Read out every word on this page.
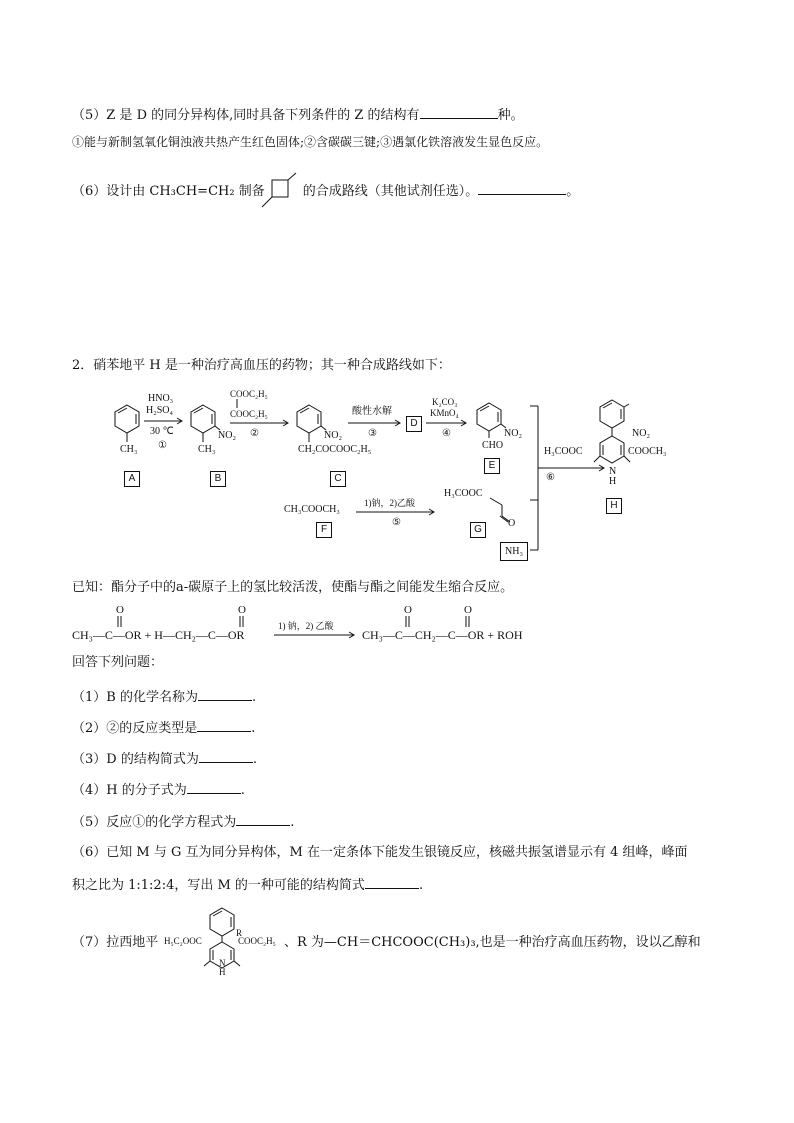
（5）Z 是 D 的同分异构体,同时具备下列条件的 Z 的结构有	种。
①能与新制氢氧化铜浊液共热产生红色固体;②含碳碳三键;③遇氯化铁溶液发生显色反应。
（6）设计由 CH₃CH=CH₂ 制备	的合成路线（其他试剂任选）。	。
2．硝苯地平 H 是一种治疗高血压的药物；其一种合成路线如下：
CH₃
A
HNO₃
H₂SO₄
30 ℃
①
NO₂
CH₃
B
COOC₂H₅
COOC₂H₅
②	NO₂
CH₂COCOOC₂H₅
C
酸性水解
③
D
K₂CO₃
KMnO₄
④	NO₂
CHO
E
CH₃COOCH₃
F
1)钠，2)乙酸
⑤
H₃COOC
O
G
NH₃
⑥
NO₂
H₃COOC	COOCH₃
N
H
H
已知：酯分子中的a-碳原子上的氢比较活泼，使酯与酯之间能发生缩合反应。
O	O	O	O
CH₃—C—OR + H—CH₂—C—OR
1) 钠，2) 乙酸
CH₃—C—CH₂—C—OR + ROH
回答下列问题：
（1）B 的化学名称为	.
（2）②的反应类型是	.
（3）D 的结构简式为	.
（4）H 的分子式为	.
（5）反应①的化学方程式为	.
（6）已知 M 与 G 互为同分异构体，M 在一定条体下能发生银镜反应，核磁共振氢谱显示有 4 组峰，峰面
积之比为 1:1:2:4，写出 M 的一种可能的结构简式	.
（7）拉西地平 H₅C₂OOC
R
COOC₂H₅
N
H
、R 为—CH＝CHCOOC(CH₃)₃,也是一种治疗高血压药物，设以乙醇和
